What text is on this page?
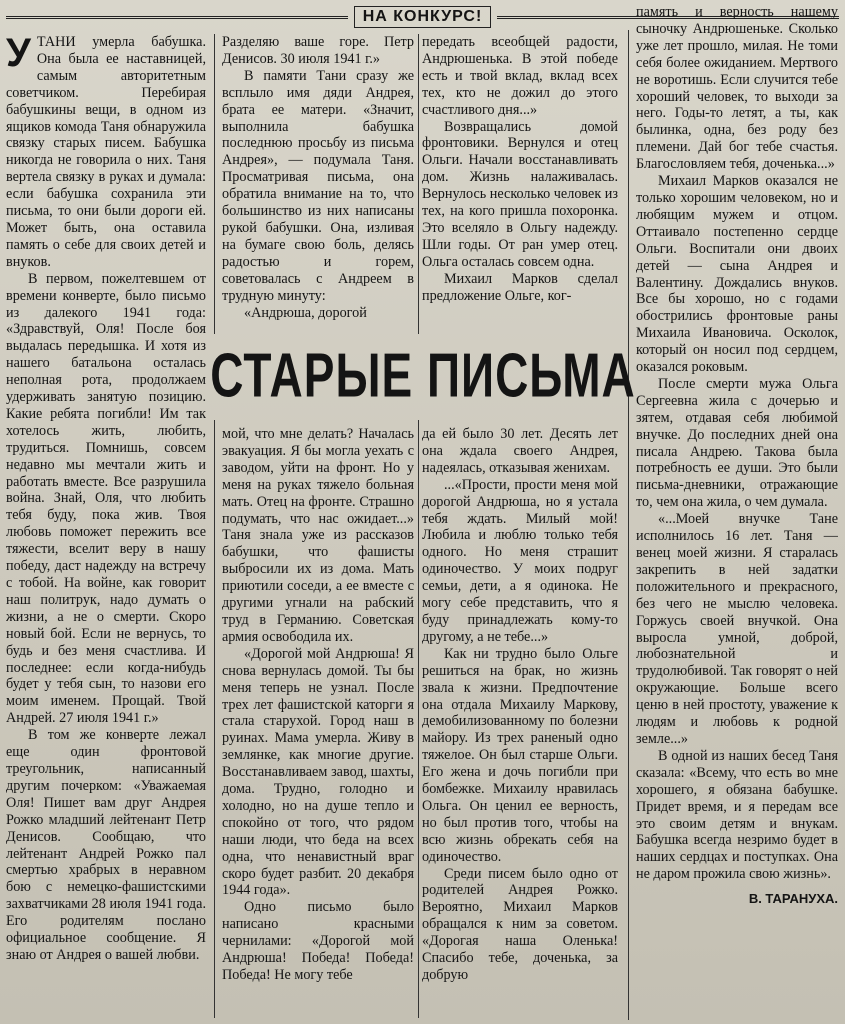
НА КОНКУРС!
У ТАНИ умерла бабушка. Она была ее наставницей, самым авторитетным советчиком. Перебирая бабушкины вещи, в одном из ящиков комода Таня обнаружила связку старых писем. Бабушка никогда не говорила о них. Таня вертела связку в руках и думала: если бабушка сохранила эти письма, то они были дороги ей. Может быть, она оставила память о себе для своих детей и внуков.

В первом, пожелтевшем от времени конверте, было письмо из далекого 1941 года: «Здравствуй, Оля! После боя выдалась передышка. И хотя из нашего батальона осталась неполная рота, продолжаем удерживать занятую позицию. Какие ребята погибли! Им так хотелось жить, любить, трудиться. Помнишь, совсем недавно мы мечтали жить и работать вместе. Все разрушила война. Знай, Оля, что любить тебя буду, пока жив. Твоя любовь поможет пережить все тяжести, вселит веру в нашу победу, даст надежду на встречу с тобой. На войне, как говорит наш политрук, надо думать о жизни, а не о смерти. Скоро новый бой. Если не вернусь, то будь и без меня счастлива. И последнее: если когда-нибудь будет у тебя сын, то назови его моим именем. Прощай. Твой Андрей. 27 июля 1941 г.»

В том же конверте лежал еще один фронтовой треугольник, написанный другим почерком: «Уважаемая Оля! Пишет вам друг Андрея Рожко младший лейтенант Петр Денисов. Сообщаю, что лейтенант Андрей Рожко пал смертью храбрых в неравном бою с немецко-фашистскими захватчиками 28 июля 1941 года. Его родителям послано официальное сообщение. Я знаю от Андрея о вашей любви.

Разделяю ваше горе. Петр Денисов. 30 июля 1941 г.»

В памяти Тани сразу же всплыло имя дяди Андрея, брата ее матери. «Значит, выполнила бабушка последнюю просьбу из письма Андрея», — подумала Таня. Просматривая письма, она обратила внимание на то, что большинство из них написаны рукой бабушки. Она, изливая на бумаге свою боль, делясь радостью и горем, советовалась с Андреем в трудную минуту:

«Андрюша, дорогой

передать всеобщей радости, Андрюшенька. В этой победе есть и твой вклад, вклад всех тех, кто не дожил до этого счастливого дня...»

Возвращались домой фронтовики. Вернулся и отец Ольги. Начали восстанавливать дом. Жизнь налаживалась. Вернулось несколько человек из тех, на кого пришла похоронка. Это вселяло в Ольгу надежду. Шли годы. От ран умер отец. Ольга осталась совсем одна.

Михаил Марков сделал предложение Ольге, ког-

СТАРЫЕ ПИСЬМА

мой, что мне делать? Началась эвакуация. Я бы могла уехать с заводом, уйти на фронт. Но у меня на руках тяжело больная мать. Отец на фронте. Страшно подумать, что нас ожидает...» Таня знала уже из рассказов бабушки, что фашисты выбросили их из дома. Мать приютили соседи, а ее вместе с другими угнали на рабский труд в Германию. Советская армия освободила их.

«Дорогой мой Андрюша! Я снова вернулась домой. Ты бы меня теперь не узнал. После трех лет фашистской каторги я стала старухой. Город наш в руинах. Мама умерла. Живу в землянке, как многие другие. Восстанавливаем завод, шахты, дома. Трудно, голодно и холодно, но на душе тепло и спокойно от того, что рядом наши люди, что беда на всех одна, что ненавистный враг скоро будет разбит. 20 декабря 1944 года».

Одно письмо было написано красными чернилами: «Дорогой мой Андрюша! Победа! Победа! Победа! Не могу тебе

да ей было 30 лет. Десять лет она ждала своего Андрея, надеялась, отказывая женихам.

...«Прости, прости меня мой дорогой Андрюша, но я устала тебя ждать. Милый мой! Любила и люблю только тебя одного. Но меня страшит одиночество. У моих подруг семьи, дети, а я одинока. Не могу себе представить, что я буду принадлежать кому-то другому, а не тебе...»

Как ни трудно было Ольге решиться на брак, но жизнь звала к жизни. Предпочтение она отдала Михаилу Маркову, демобилизованному по болезни майору. Из трех раненый одно тяжелое. Он был старше Ольги. Его жена и дочь погибли при бомбежке. Михаилу нравилась Ольга. Он ценил ее верность, но был против того, чтобы на всю жизнь обрекать себя на одиночество.

Среди писем было одно от родителей Андрея Рожко. Вероятно, Михаил Марков обращался к ним за советом. «Дорогая наша Оленька! Спасибо тебе, доченька, за добрую

память и верность нашему сыночку Андрюшеньке. Сколько уже лет прошло, милая. Не томи себя более ожиданием. Мертвого не воротишь. Если случится тебе хороший человек, то выходи за него. Годы-то летят, а ты, как былинка, одна, без роду без племени. Дай бог тебе счастья. Благословляем тебя, доченька...»

Михаил Марков оказался не только хорошим человеком, но и любящим мужем и отцом. Оттаивало постепенно сердце Ольги. Воспитали они двоих детей — сына Андрея и Валентину. Дождались внуков. Все бы хорошо, но с годами обострились фронтовые раны Михаила Ивановича. Осколок, который он носил под сердцем, оказался роковым.

После смерти мужа Ольга Сергеевна жила с дочерью и зятем, отдавая себя любимой внучке. До последних дней она писала Андрею. Такова была потребность ее души. Это были письма-дневники, отражающие то, чем она жила, о чем думала.

«...Моей внучке Тане исполнилось 16 лет. Таня — венец моей жизни. Я старалась закрепить в ней задатки положительного и прекрасного, без чего не мыслю человека. Горжусь своей внучкой. Она выросла умной, доброй, любознательной и трудолюбивой. Так говорят о ней окружающие. Больше всего ценю в ней простоту, уважение к людям и любовь к родной земле...»

В одной из наших бесед Таня сказала: «Всему, что есть во мне хорошего, я обязана бабушке. Придет время, и я передам все это своим детям и внукам. Бабушка всегда незримо будет в наших сердцах и поступках. Она не даром прожила свою жизнь».

В. ТАРАНУХА.
